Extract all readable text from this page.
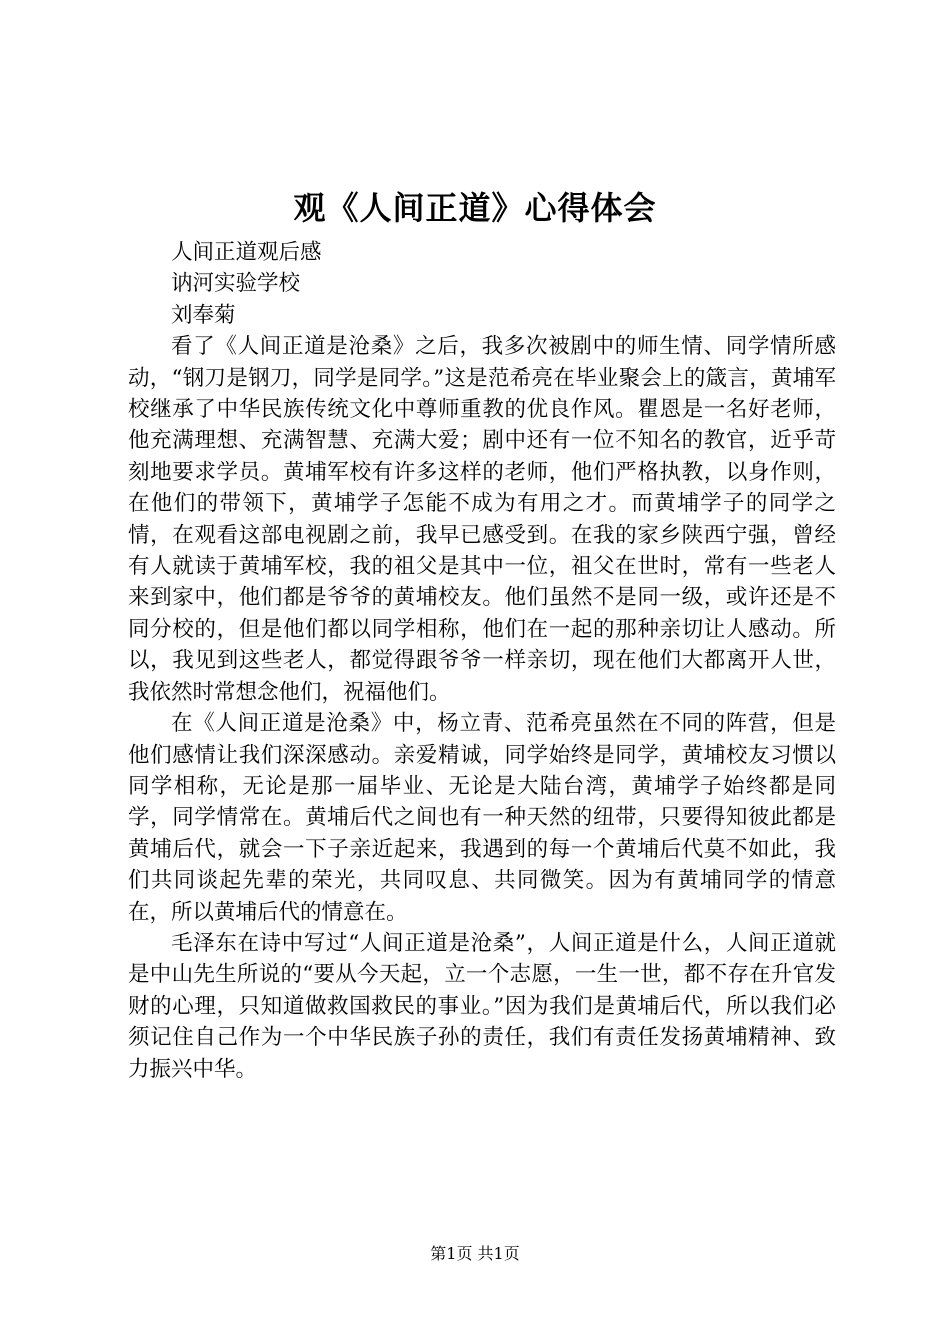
观《人间正道》心得体会

人间正道观后感

讷河实验学校

刘奉菊

看了《人间正道是沧桑》之后，我多次被剧中的师生情、同学情所感动，“钢刀是钢刀，同学是同学。”这是范希亮在毕业聚会上的箴言，黄埔军校继承了中华民族传统文化中尊师重教的优良作风。瞿恩是一名好老师，他充满理想、充满智慧、充满大爱；剧中还有一位不知名的教官，近乎苛刻地要求学员。黄埔军校有许多这样的老师，他们严格执教，以身作则，在他们的带领下，黄埔学子怎能不成为有用之才。而黄埔学子的同学之情，在观看这部电视剧之前，我早已感受到。在我的家乡陕西宁强，曾经有人就读于黄埔军校，我的祖父是其中一位，祖父在世时，常有一些老人来到家中，他们都是爷爷的黄埔校友。他们虽然不是同一级，或许还是不同分校的，但是他们都以同学相称，他们在一起的那种亲切让人感动。所以，我见到这些老人，都觉得跟爷爷一样亲切，现在他们大都离开人世，我依然时常想念他们，祝福他们。

在《人间正道是沧桑》中，杨立青、范希亮虽然在不同的阵营，但是他们感情让我们深深感动。亲爱精诚，同学始终是同学，黄埔校友习惯以同学相称，无论是那一届毕业、无论是大陆台湾，黄埔学子始终都是同学，同学情常在。黄埔后代之间也有一种天然的纽带，只要得知彼此都是黄埔后代，就会一下子亲近起来，我遇到的每一个黄埔后代莫不如此，我们共同谈起先辈的荣光，共同叹息、共同微笑。因为有黄埔同学的情意在，所以黄埔后代的情意在。

毛泽东在诗中写过“人间正道是沧桑”，人间正道是什么，人间正道就是中山先生所说的“要从今天起，立一个志愿，一生一世，都不存在升官发财的心理，只知道做救国救民的事业。”因为我们是黄埔后代，所以我们必须记住自己作为一个中华民族子孙的责任，我们有责任发扬黄埔精神、致力振兴中华。

第1页 共1页
